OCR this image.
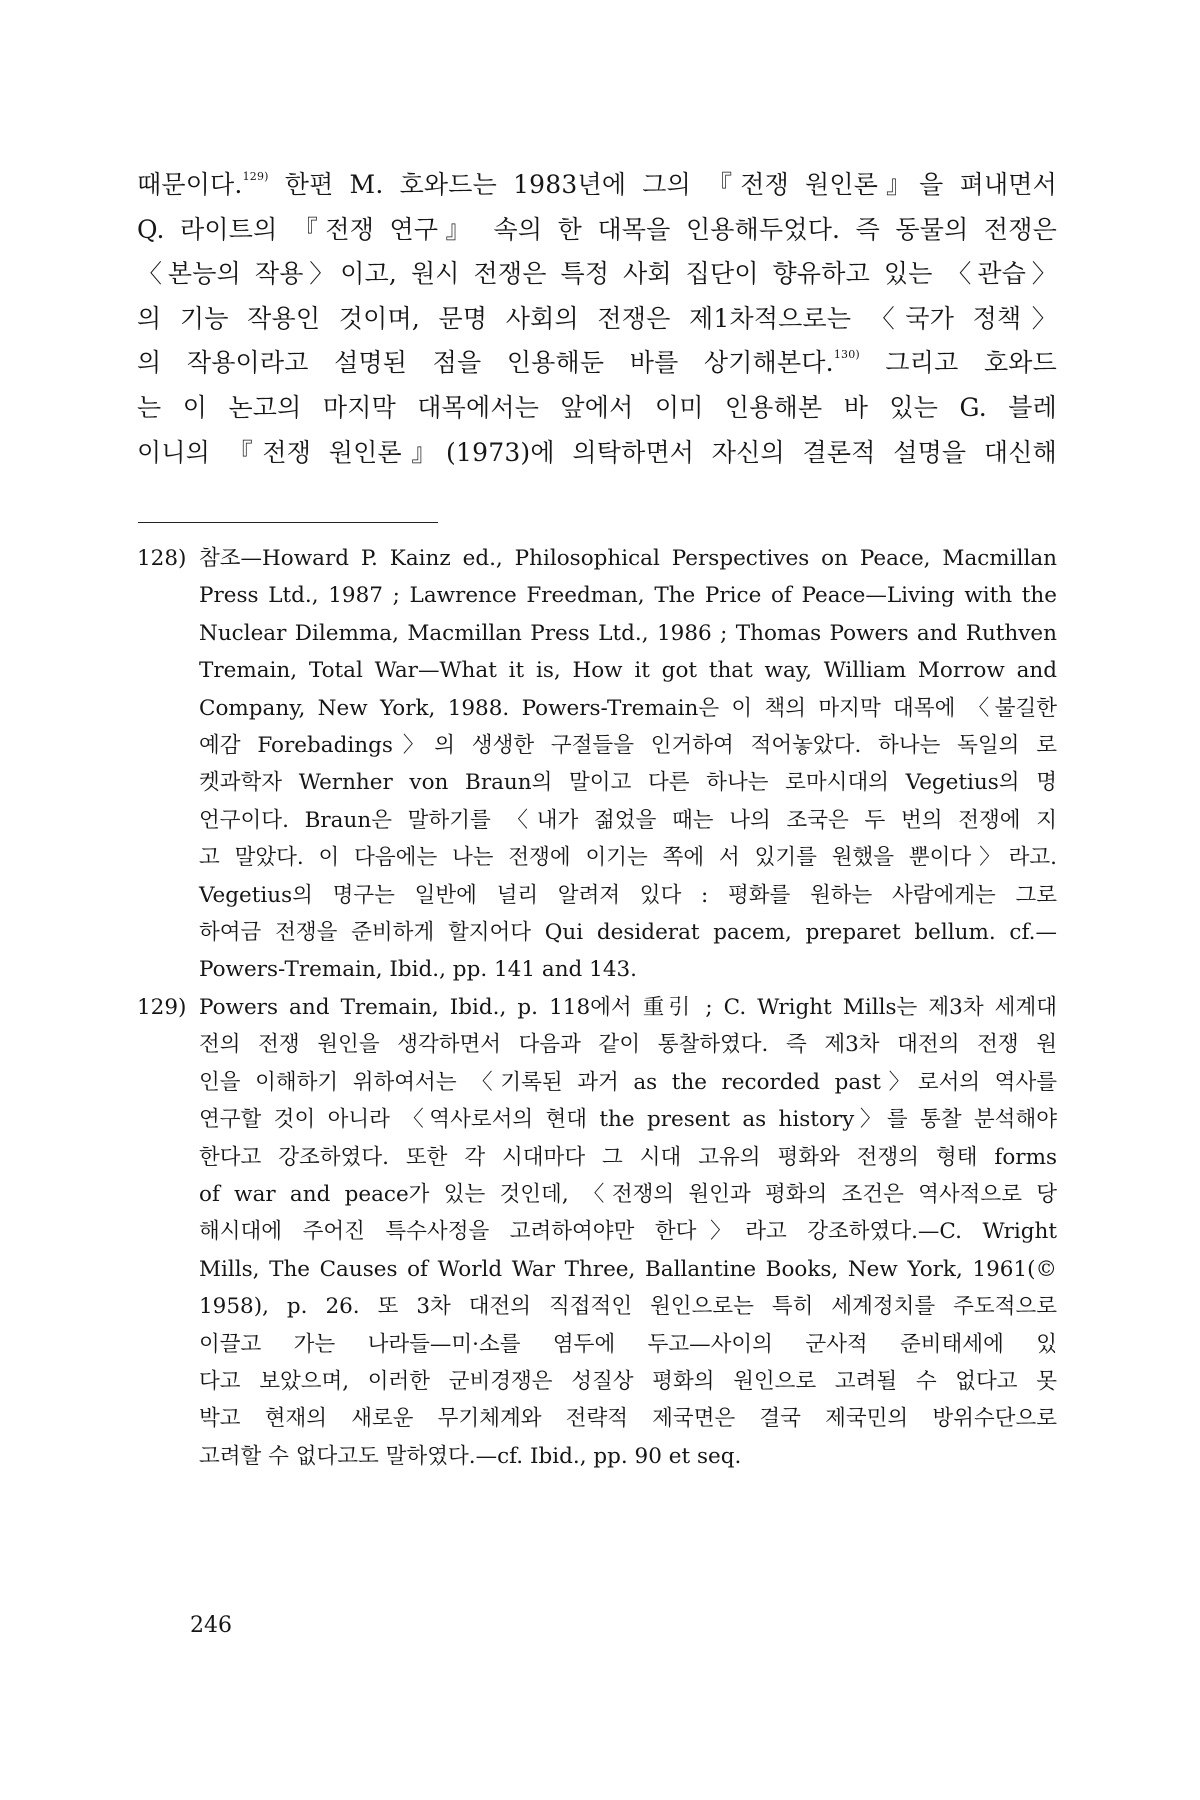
때문이다.$^{129)}$ 한편 M. 호와드는 1983년에 그의 『전쟁 원인론』을 펴내면서
Q. 라이트의 『전쟁 연구』 속의 한 대목을 인용해두었다. 즉 동물의 전쟁은
〈본능의 작용〉이고, 원시 전쟁은 특정 사회 집단이 향유하고 있는 〈관습〉
의 기능 작용인 것이며, 문명 사회의 전쟁은 제1차적으로는 〈국가 정책〉
의 작용이라고 설명된 점을 인용해둔 바를 상기해본다.$^{130)}$ 그리고 호와드
는 이 논고의 마지막 대목에서는 앞에서 이미 인용해본 바 있는 G. 블레
이니의 『전쟁 원인론』(1973)에 의탁하면서 자신의 결론적 설명을 대신해
128) 참조—Howard P. Kainz ed., Philosophical Perspectives on Peace, Macmillan
Press Ltd., 1987 ; Lawrence Freedman, The Price of Peace—Living with the
Nuclear Dilemma, Macmillan Press Ltd., 1986 ; Thomas Powers and Ruthven
Tremain, Total War—What it is, How it got that way, William Morrow and
Company, New York, 1988. Powers-Tremain은 이 책의 마지막 대목에 〈불길한
예감 Forebadings〉의 생생한 구절들을 인거하여 적어놓았다. 하나는 독일의 로
켓과학자 Wernher von Braun의 말이고 다른 하나는 로마시대의 Vegetius의 명
언구이다. Braun은 말하기를 〈내가 젊었을 때는 나의 조국은 두 번의 전쟁에 지
고 말았다. 이 다음에는 나는 전쟁에 이기는 쪽에 서 있기를 원했을 뿐이다〉라고.
Vegetius의 명구는 일반에 널리 알려져 있다 : 평화를 원하는 사람에게는 그로
하여금 전쟁을 준비하게 할지어다 Qui desiderat pacem, preparet bellum. cf.—
Powers-Tremain, Ibid., pp. 141 and 143.
129) Powers and Tremain, Ibid., p. 118에서 重引 ; C. Wright Mills는 제3차 세계대
전의 전쟁 원인을 생각하면서 다음과 같이 통찰하였다. 즉 제3차 대전의 전쟁 원
인을 이해하기 위하여서는 〈기록된 과거 as the recorded past〉로서의 역사를
연구할 것이 아니라 〈역사로서의 현대 the present as history〉를 통찰 분석해야
한다고 강조하였다. 또한 각 시대마다 그 시대 고유의 평화와 전쟁의 형태 forms
of war and peace가 있는 것인데, 〈전쟁의 원인과 평화의 조건은 역사적으로 당
해시대에 주어진 특수사정을 고려하여야만 한다〉라고 강조하였다.—C. Wright
Mills, The Causes of World War Three, Ballantine Books, New York, 1961(©
1958), p. 26. 또 3차 대전의 직접적인 원인으로는 특히 세계정치를 주도적으로
이끌고 가는 나라들—미·소를 염두에 두고—사이의 군사적 준비태세에 있
다고 보았으며, 이러한 군비경쟁은 성질상 평화의 원인으로 고려될 수 없다고 못
박고 현재의 새로운 무기체계와 전략적 제국면은 결국 제국민의 방위수단으로
고려할 수 없다고도 말하였다.—cf. Ibid., pp. 90 et seq.
246
